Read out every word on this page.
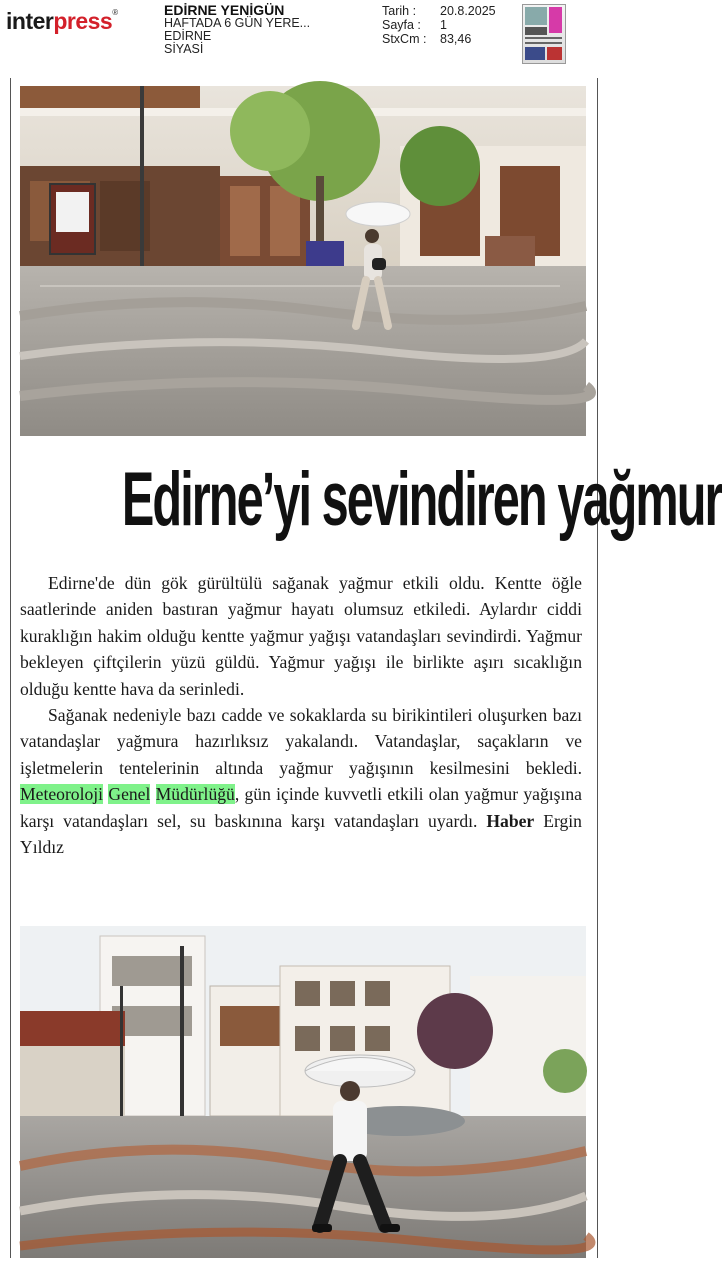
interpress®	EDİRNE YENİGÜN
HAFTADA 6 GÜN YERE...
EDİRNE
SİYASİ
Tarih :	20.8.2025
Sayfa :	1
StxCm :	83,46
Edirne’yi sevindiren yağmur

Edirne'de dün gök gürültülü sağanak yağmur etkili oldu. Kentte öğle saatlerinde aniden bastıran yağmur hayatı olumsuz etkiledi. Aylardır ciddi kuraklığın hakim olduğu kentte yağmur yağışı vatandaşları sevindirdi. Yağmur bekleyen çiftçilerin yüzü güldü. Yağmur yağışı ile birlikte aşırı sıcaklığın olduğu kentte hava da serinledi.

Sağanak nedeniyle bazı cadde ve sokaklarda su birikintileri oluşurken bazı vatandaşlar yağmura hazırlıksız yakalandı. Vatandaşlar, saçakların ve işletmelerin tentelerinin altında yağmur yağışının kesilmesini bekledi. Meteoroloji Genel Müdürlüğü, gün içinde kuvvetli etkili olan yağmur yağışına karşı vatandaşları sel, su baskınına karşı vatandaşları uyardı. Haber Ergin Yıldız
